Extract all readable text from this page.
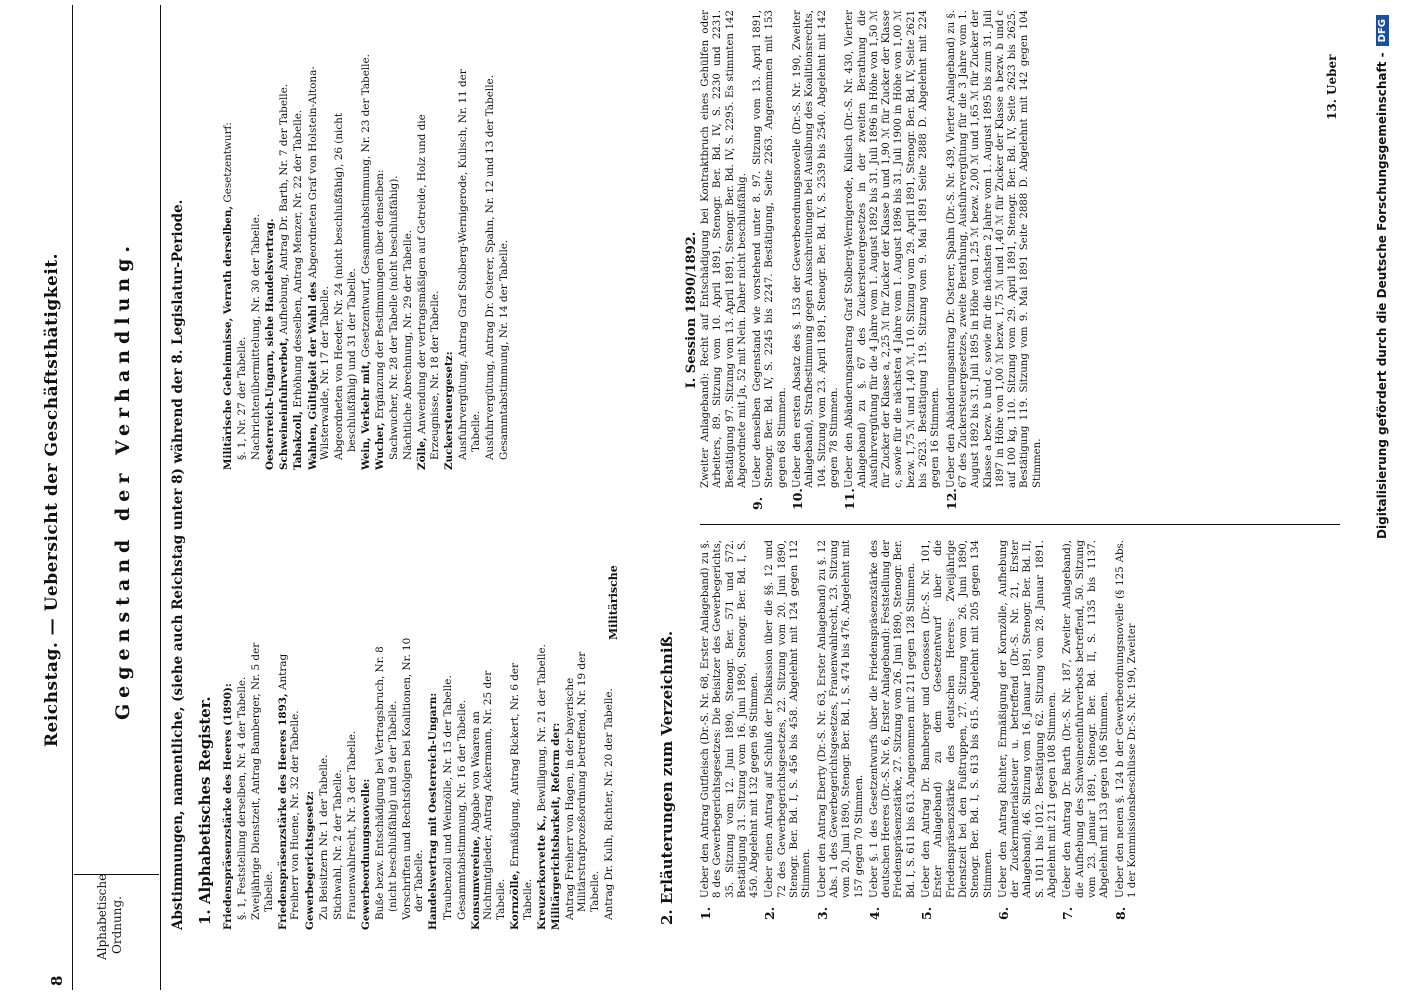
8
Reichstag. — Uebersicht der Geschäftsthätigkeit.
Alphabetische Ordnung.
Gegenstand der Verhandlung.	Abstimmungen, namentliche, (siehe auch Reichstag unter 8) während der 8. Legislatur-Periode. 1. Alphabetisches Register. Friedenspräsenzstärke des Heeres (1890): §. 1, Feststellung derselben, Nr. 4 der Tabelle. Zweijährige Dienstzeit, Antrag Bamberger, Nr. 5 der Tabelle. Friedenspräsenzstärke des Heeres 1893, Antrag Freiherr von Huene, Nr. 32 der Tabelle. Gewerbegerichtsgesetz: Zu Beisitzern Nr. 1 der Tabelle. Stichwahl, Nr. 2 der Tabelle. Frauenwahlrecht, Nr. 3 der Tabelle. Gewerbeordnungsnovelle: Buße bezw. Entschädigung bei Vertragsbruch, Nr. 8 (nicht beschlußfähig) und 9 der Tabelle. Vorschriften und Rechtsfolgen bei Koalitionen, Nr. 10 der Tabelle. Handelsvertrag mit Oesterreich-Ungarn: Traubenzoll und Weinzölle, Nr. 15 der Tabelle. Gesammtabstimmung, Nr. 16 der Tabelle. Konsumvereine, Abgabe von Waaren an Nichtmitglieder, Antrag Ackermann, Nr. 25 der Tabelle. Kornzölle, Ermäßigung, Antrag Rickert, Nr. 6 der Tabelle. Kreuzerkorvette K., Bewilligung, Nr. 21 der Tabelle. Militärgerichtsbarkeit, Reform der: Antrag Freiherr von Hagen, in der bayerische Militärstrafprozeßordnung betreffend, Nr. 19 der Tabelle. Antrag Dr. Kulh, Richter, Nr. 20 der Tabelle.

Militärische Geheimnisse, Verrath derselben, Gesetzentwurf:

§. 1, Nr. 27 der Tabelle. Nachrichtenübermittelung, Nr. 30 der Tabelle. Oesterreich-Ungarn, siehe Handelsvertrag. Schweineinfuhrverbot, Aufhebung, Antrag Dr. Barth, Nr. 7 der Tabelle.

Tabakzoll, Erhöhung desselben, Antrag Menzer, Nr. 22 der Tabelle. Wahlen, Gültigkeit der Wahl des Abgeordneten Graf von Holstein-Altona-Wilsterwalde, Nr. 17 der Tabelle. Abgeordneten von Heeder, Nr. 24 (nicht beschlußfähig), 26 (nicht beschlußfähig) und 31 der Tabelle. Wein, Verkehr mit, Gesetzentwurf, Gesammtabstimmung, Nr. 23 der Tabelle.

Wucher, Ergänzung der Bestimmungen über denselben: Sachwucher, Nr. 28 der Tabelle (nicht beschlußfähig). Nächtliche Abrechnung, Nr. 29 der Tabelle. Zölle, Anwendung der vertragsmäßigen auf Getreide, Holz und die Erzeugnisse, Nr. 18 der Tabelle. Zuckersteuergesetz: Ausfuhrvergütung, Antrag Graf Stolberg-Wernigerode, Kulisch, Nr. 11 der Tabelle. Ausfuhrvergütung, Antrag Dr. Osterer, Spahn, Nr. 12 und 13 der Tabelle. Gesammtabstimmung, Nr. 14 der Tabelle.

Militärische
2. Erläuterungen zum Verzeichniß.
I. Session 1890/1892.

1.
Ueber den Antrag Gutfleisch (Dr.-S. Nr. 68, Erster Anlageband) zu §. 8 des Gewerbegerichtsgesetzes: Die Beisitzer des Gewerbegerichts, 35. Sitzung vom 12. Juni 1890, Stenogr. Ber. 571 und 572. Bestätigung 31. Sitzung vom 16. Juni 1890, Stenogr. Ber. Bd. I, S. 450. Abgelehnt mit 132 gegen 96 Stimmen.

2.
Ueber einen Antrag auf Schluß der Diskussion über die §§. 12 und 72 des Gewerbegerichtsgesetzes, 22. Sitzung vom 20. Juni 1890, Stenogr. Ber. Bd. I, S. 456 bis 458. Abgelehnt mit 124 gegen 112 Stimmen.

3.
Ueber den Antrag Eberty (Dr.-S. Nr. 63, Erster Anlageband) zu §. 12 Abs. 1 des Gewerbegerichtsgesetzes, Frauenwahlrecht, 23. Sitzung vom 20. Juni 1890, Stenogr. Ber. Bd. I, S. 474 bis 476. Abgelehnt mit 157 gegen 70 Stimmen.

4.
Ueber §. 1 des Gesetzentwurfs über die Friedenspräsenzstärke des deutschen Heeres (Dr.-S. Nr. 6, Erster Anlageband): Feststellung der Friedenspräsenzstärke, 27. Sitzung vom 26. Juni 1890, Stenogr. Ber. Bd. I, S. 611 bis 613. Angenommen mit 211 gegen 128 Stimmen.

5.
Ueber den Antrag Dr. Bamberger und Genossen (Dr.-S. Nr. 101, Erster Anlageband) zu dem Gesetzentwurf über die Friedenspräsenzstärke des deutschen Heeres: Zweijährige Dienstzeit bei den Fußtruppen, 27. Sitzung vom 26. Juni 1890, Stenogr. Ber. Bd. I, S. 613 bis 615. Abgelehnt mit 205 gegen 134 Stimmen.

6.
Ueber den Antrag Richter, Ermäßigung der Kornzölle, Aufhebung der Zuckermaterialsteuer u. betreffend (Dr.-S. Nr. 21, Erster Anlageband), 46. Sitzung vom 16. Januar 1891, Stenogr. Ber. Bd. II, S. 1011 bis 1012. Bestätigung 62. Sitzung vom 28. Januar 1891. Abgelehnt mit 211 gegen 108 Stimmen.

7.
Ueber den Antrag Dr. Barth (Dr.-S. Nr. 187, Zweiter Anlageband), die Aufhebung des Schweineeinfuhrverbots betreffend, 50. Sitzung vom 23. Januar 1891, Stenogr. Ber. Bd. II, S. 1135 bis 1137. Abgelehnt mit 133 gegen 106 Stimmen.

8.
Ueber den neuen §. 124 b der Gewerbeordnungsnovelle (§ 125 Abs. 1 der Kommissionsbeschlüsse Dr.-S. Nr. 190, Zweiter

Zweiter Anlageband): Recht auf Entschädigung bei Kontraktbruch eines Gehülfen oder Arbeiters, 89. Sitzung vom 10. April 1891, Stenogr. Ber. Bd. IV, S. 2230 und 2231. Bestätigung 97. Sitzung vom 13. April 1891, Stenogr. Ber. Bd. IV, S. 2295. Es stimmten 142 Abgeordnete mit Ja, 52 mit Nein. Daher nicht beschlußfähig.

9.
Ueber denselben Gegenstand wie vorstehend unter 8. 97. Sitzung vom 13. April 1891, Stenogr. Ber. Bd. IV, S. 2245 bis 2247. Bestätigung, Seite 2263. Angenommen mit 153 gegen 68 Stimmen.

10.
Ueber den ersten Absatz des §. 153 der Gewerbeordnungsnovelle (Dr.-S. Nr. 190, Zweiter Anlageband), Strafbestimmung gegen Ausschreitungen bei Ausübung des Koalitionsrechts, 104. Sitzung vom 23. April 1891, Stenogr. Ber. Bd. IV, S. 2539 bis 2540. Abgelehnt mit 142 gegen 78 Stimmen.

11.
Ueber den Abänderungsantrag Graf Stolberg-Wernigerode, Kulisch (Dr.-S. Nr. 430, Vierter Anlageband) zu §. 67 des Zuckersteuergesetzes in der zweiten Berathung die Ausfuhrvergütung für die 4 Jahre vom 1. August 1892 bis 31. Juli 1896 in Höhe von 1,50 ℳ für Zucker der Klasse a, 2,25 ℳ für Zucker der Klasse b und 1,90 ℳ für Zucker der Klasse c, sowie für die nächsten 4 Jahre vom 1. August 1896 bis 31. Juli 1900 in Höhe von 1,00 ℳ bezw. 1,75 ℳ und 1,40 ℳ, 110. Sitzung vom 29. April 1891, Stenogr. Ber. Bd. IV, Seite 2621 bis 2623. Bestätigung 119. Sitzung vom 9. Mai 1891 Seite 2888 D. Abgelehnt mit 224 gegen 16 Stimmen.

12.
Ueber den Abänderungsantrag Dr. Osterer, Spahn (Dr.-S. Nr. 439, Vierter Anlageband) zu §. 67 des Zuckersteuergesetzes, zweite Berathung, Ausfuhrvergütung für die 3 Jahre vom 1. August 1892 bis 31. Juli 1895 in Höhe von 1,25 ℳ bezw. 2,00 ℳ und 1,65 ℳ für Zucker der Klasse a bezw. b und c, sowie für die nächsten 2 Jahre vom 1. August 1895 bis zum 31. Juli 1897 in Höhe von 1,00 ℳ bezw. 1,75 ℳ und 1,40 ℳ für Zucker der Klasse a bezw. b und c auf 100 kg, 110. Sitzung vom 29. April 1891, Stenogr. Ber. Bd. IV, Seite 2623 bis 2625. Bestätigung 119. Sitzung vom 9. Mai 1891 Seite 2888 D. Abgelehnt mit 142 gegen 104 Stimmen.

13. Ueber	Digitalisierung gefördert durch die Deutsche Forschungsgemeinschaft -DFG
